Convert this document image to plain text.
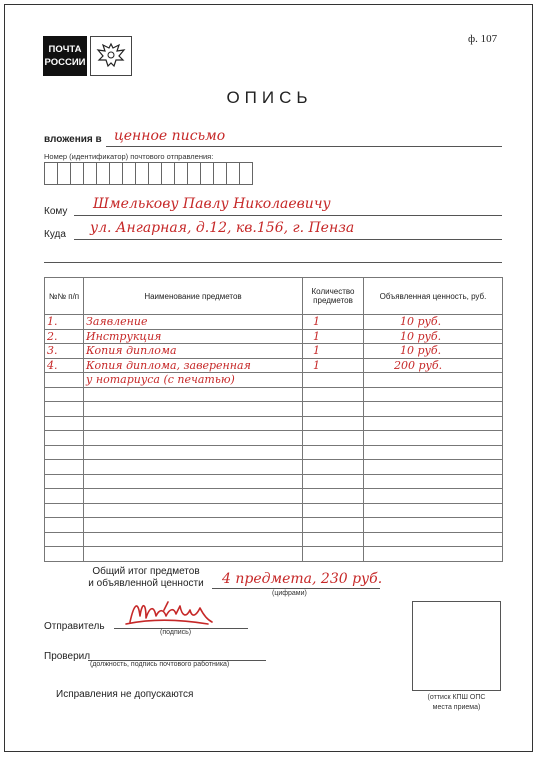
ПОЧТА
РОССИИ
ф. 107
ОПИСЬ
вложения в ценное письмо
Номер (идентификатор) почтового отправления:
Кому Шмелькову Павлу Николаевичу
Куда ул. Ангарная, д.12, кв.156, г. Пенза
№№ п/п	Наименование предметов	Количество предметов	Объявленная ценность, руб.
1.	Заявление	1	10 руб.
2.	Инструкция	1	10 руб.
3.	Копия диплома	1	10 руб.
4.	Копия диплома, заверенная	1	200 руб.
	у нотариуса (с печатью)		

Общий итог предметов
и объявленной ценности	4 предмета, 230 руб.
(цифрами)
Отправитель
(подпись)
Проверил
(должность, подпись почтового работника)
Исправления не допускаются	(оттиск КПШ ОПС
места приема)
